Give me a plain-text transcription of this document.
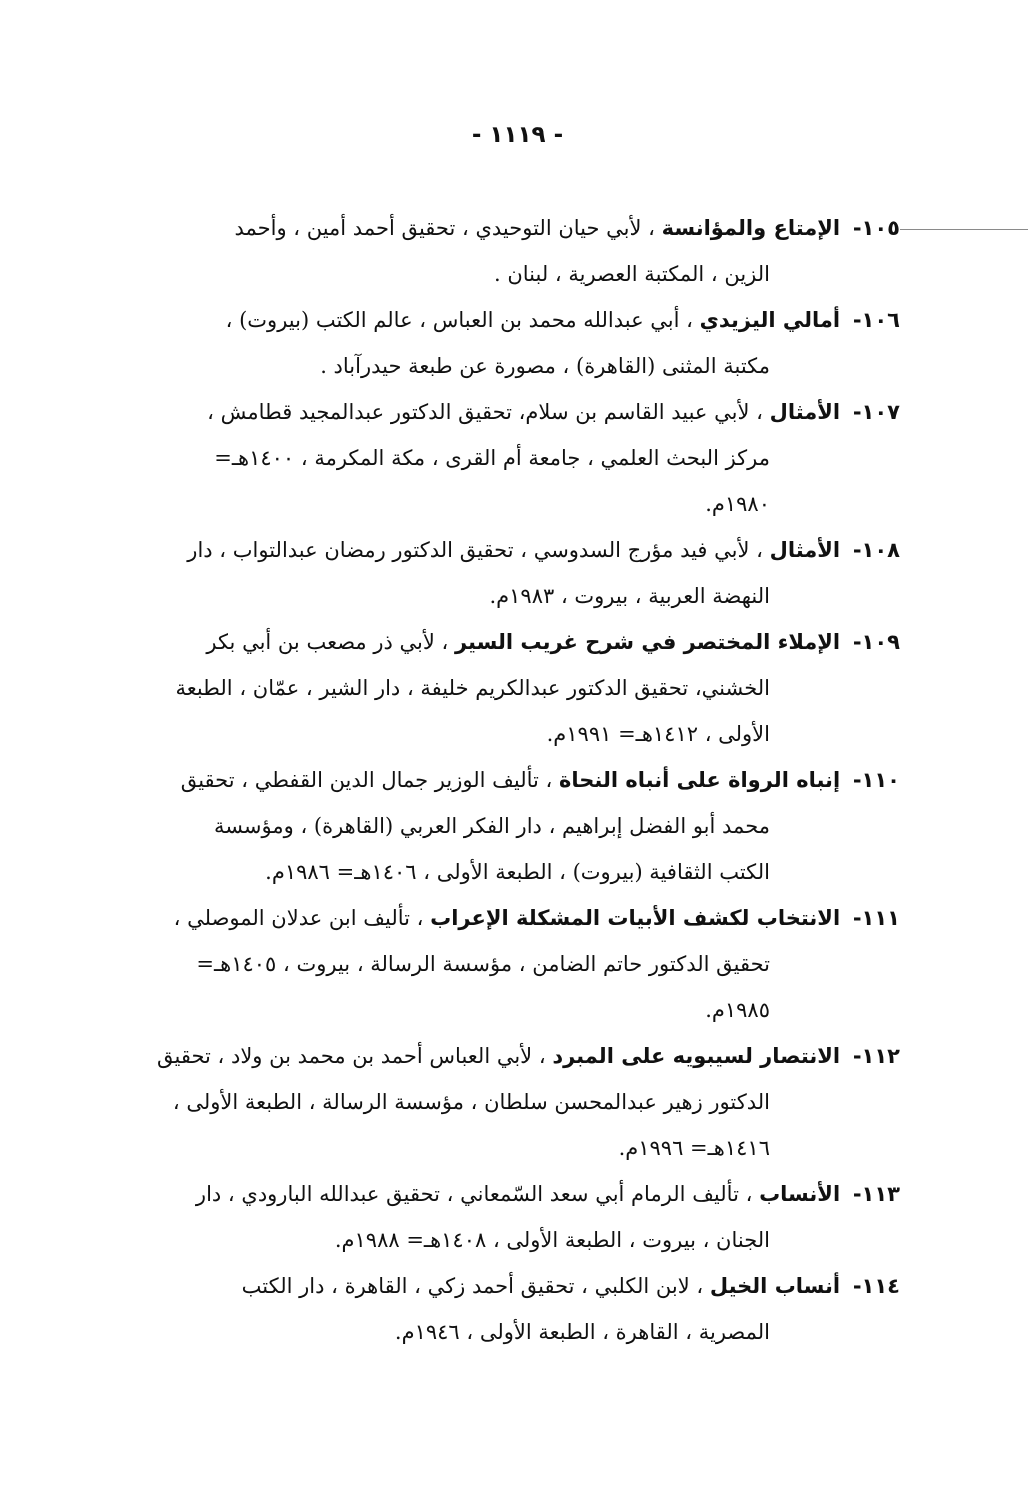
- ١١١٩ -
١٠٥- الإمتاع والمؤانسة ، لأبي حيان التوحيدي ، تحقيق أحمد أمين ، وأحمد
الزين ، المكتبة العصرية ، لبنان .
١٠٦- أمالي اليزيدي ، أبي عبدالله محمد بن العباس ، عالم الكتب (بيروت) ،
مكتبة المثنى (القاهرة) ، مصورة عن طبعة حيدرآباد .
١٠٧- الأمثال ، لأبي عبيد القاسم بن سلام، تحقيق الدكتور عبدالمجيد قطامش ،
مركز البحث العلمي ، جامعة أم القرى ، مكة المكرمة ، ١٤٠٠هـ=
١٩٨٠م.
١٠٨- الأمثال ، لأبي فيد مؤرج السدوسي ، تحقيق الدكتور رمضان عبدالتواب ، دار
النهضة العربية ، بيروت ، ١٩٨٣م.
١٠٩- الإملاء المختصر في شرح غريب السير ، لأبي ذر مصعب بن أبي بكر
الخشني، تحقيق الدكتور عبدالكريم خليفة ، دار الشير ، عمّان ، الطبعة
الأولى ، ١٤١٢هـ= ١٩٩١م.
١١٠- إنباه الرواة على أنباه النحاة ، تأليف الوزير جمال الدين القفطي ، تحقيق
محمد أبو الفضل إبراهيم ، دار الفكر العربي (القاهرة) ، ومؤسسة
الكتب الثقافية (بيروت) ، الطبعة الأولى ، ١٤٠٦هـ= ١٩٨٦م.
١١١- الانتخاب لكشف الأبيات المشكلة الإعراب ، تأليف ابن عدلان الموصلي ،
تحقيق الدكتور حاتم الضامن ، مؤسسة الرسالة ، بيروت ، ١٤٠٥هـ=
١٩٨٥م.
١١٢- الانتصار لسيبويه على المبرد ، لأبي العباس أحمد بن محمد بن ولاد ، تحقيق
الدكتور زهير عبدالمحسن سلطان ، مؤسسة الرسالة ، الطبعة الأولى ،
١٤١٦هـ= ١٩٩٦م.
١١٣- الأنساب ، تأليف الرمام أبي سعد السّمعاني ، تحقيق عبدالله البارودي ، دار
الجنان ، بيروت ، الطبعة الأولى ، ١٤٠٨هـ= ١٩٨٨م.
١١٤- أنساب الخيل ، لابن الكلبي ، تحقيق أحمد زكي ، القاهرة ، دار الكتب
المصرية ، القاهرة ، الطبعة الأولى ، ١٩٤٦م.
